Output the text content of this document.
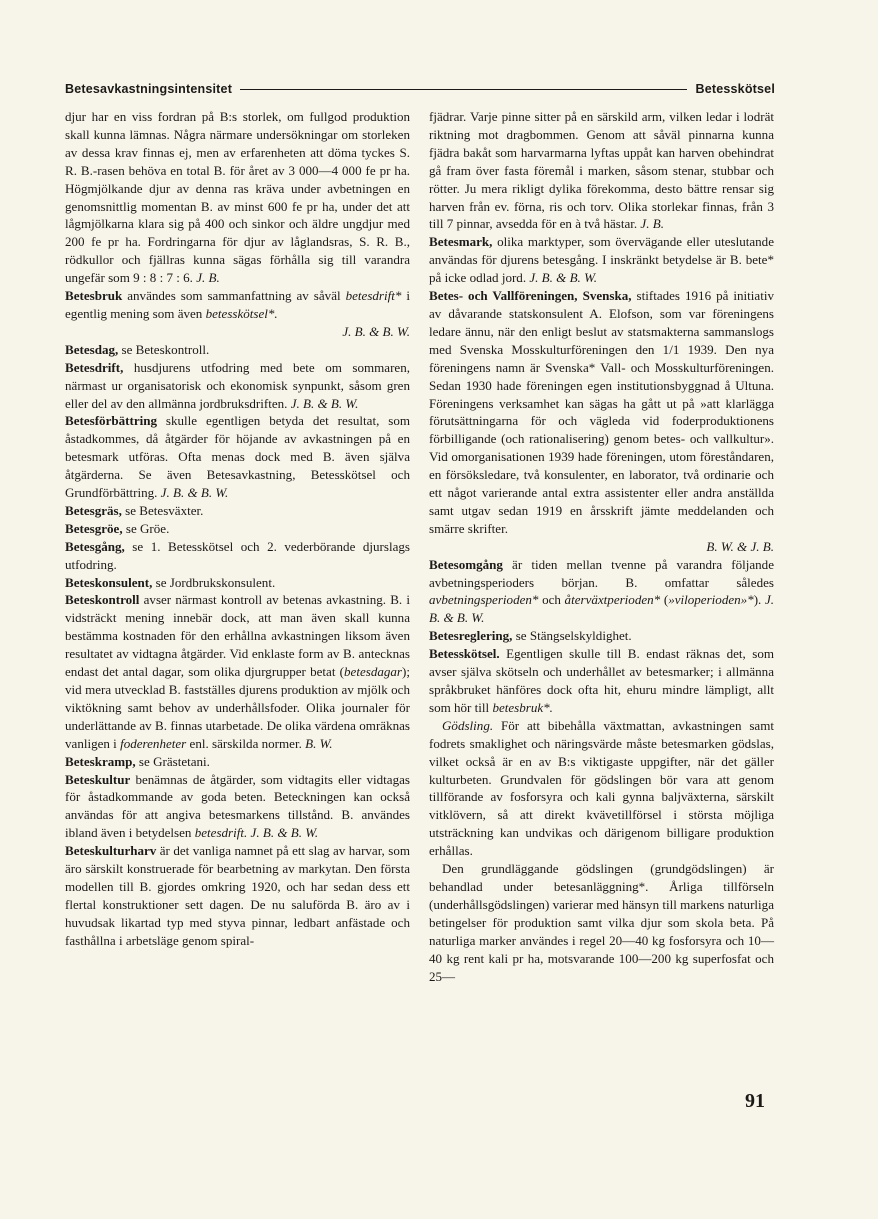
Betesavkastningsintensitet	Betesskötsel

djur har en viss fordran på B:s storlek, om fullgod produktion skall kunna lämnas. Några närmare undersökningar om storleken av dessa krav finnas ej, men av erfarenheten att döma tyckes S. R. B.-rasen behöva en total B. för året av 3 000—4 000 fe pr ha. Högmjölkande djur av denna ras kräva under avbetningen en genomsnittlig momentan B. av minst 600 fe pr ha, under det att lågmjölkarna klara sig på 400 och sinkor och äldre ungdjur med 200 fe pr ha. Fordringarna för djur av låglandsras, S. R. B., rödkullor och fjällras kunna sägas förhålla sig till varandra ungefär som 9 : 8 : 7 : 6. J. B.

Betesbruk användes som sammanfattning av såväl betesdrift* i egentlig mening som även betesskötsel*.

J. B. & B. W.

Betesdag, se Beteskontroll.

Betesdrift, husdjurens utfodring med bete om sommaren, närmast ur organisatorisk och ekonomisk synpunkt, såsom gren eller del av den allmänna jordbruksdriften. J. B. & B. W.

Betesförbättring skulle egentligen betyda det resultat, som åstadkommes, då åtgärder för höjande av avkastningen på en betesmark utföras. Ofta menas dock med B. även själva åtgärderna. Se även Betesavkastning, Betesskötsel och Grundförbättring. J. B. & B. W.

Betesgräs, se Betesväxter.

Betesgröe, se Gröe.

Betesgång, se 1. Betesskötsel och 2. vederbörande djurslags utfodring.

Beteskonsulent, se Jordbrukskonsulent.

Beteskontroll avser närmast kontroll av betenas avkastning. B. i vidsträckt mening innebär dock, att man även skall kunna bestämma kostnaden för den erhållna avkastningen liksom även resultatet av vidtagna åtgärder. Vid enklaste form av B. antecknas endast det antal dagar, som olika djurgrupper betat (betesdagar); vid mera utvecklad B. fastställes djurens produktion av mjölk och viktökning samt behov av underhållsfoder. Olika journaler för underlättande av B. finnas utarbetade. De olika värdena omräknas vanligen i foderenheter enl. särskilda normer. B. W.

Beteskramp, se Grästetani.

Beteskultur benämnas de åtgärder, som vidtagits eller vidtagas för åstadkommande av goda beten. Beteckningen kan också användas för att angiva betesmarkens tillstånd. B. användes ibland även i betydelsen betesdrift. J. B. & B. W.

Beteskulturharv är det vanliga namnet på ett slag av harvar, som äro särskilt konstruerade för bearbetning av markytan. Den första modellen till B. gjordes omkring 1920, och har sedan dess ett flertal konstruktioner sett dagen. De nu saluförda B. äro av i huvudsak likartad typ med styva pinnar, ledbart anfästade och fasthållna i arbetsläge genom spiral-

fjädrar. Varje pinne sitter på en särskild arm, vilken ledar i lodrät riktning mot dragbommen. Genom att såväl pinnarna kunna fjädra bakåt som harvarmarna lyftas uppåt kan harven obehindrat gå fram över fasta föremål i marken, såsom stenar, stubbar och rötter. Ju mera rikligt dylika förekomma, desto bättre rensar sig harven från ev. förna, ris och torv. Olika storlekar finnas, från 3 till 7 pinnar, avsedda för en à två hästar. J. B.

Betesmark, olika marktyper, som övervägande eller uteslutande användas för djurens betesgång. I inskränkt betydelse är B. bete* på icke odlad jord. J. B. & B. W.

Betes- och Vallföreningen, Svenska, stiftades 1916 på initiativ av dåvarande statskonsulent A. Elofson, som var föreningens ledare ännu, när den enligt beslut av statsmakterna sammanslogs med Svenska Mosskulturföreningen den 1/1 1939. Den nya föreningens namn är Svenska* Vall- och Mosskulturföreningen. Sedan 1930 hade föreningen egen institutionsbyggnad å Ultuna. Föreningens verksamhet kan sägas ha gått ut på »att klarlägga förutsättningarna för och vägleda vid foderproduktionens förbilligande (och rationalisering) genom betes- och vallkultur». Vid omorganisationen 1939 hade föreningen, utom föreståndaren, en försöksledare, två konsulenter, en laborator, två ordinarie och ett något varierande antal extra assistenter eller andra anställda samt utgav sedan 1919 en årsskrift jämte meddelanden och smärre skrifter.

B. W. & J. B.

Betesomgång är tiden mellan tvenne på varandra följande avbetningsperioders början. B. omfattar således avbetningsperioden* och återväxtperioden* (»viloperioden»*). J. B. & B. W.

Betesreglering, se Stängselskyldighet.

Betesskötsel. Egentligen skulle till B. endast räknas det, som avser själva skötseln och underhållet av betesmarker; i allmänna språkbruket hänföres dock ofta hit, ehuru mindre lämpligt, allt som hör till betesbruk*.

Gödsling. För att bibehålla växtmattan, avkastningen samt fodrets smaklighet och näringsvärde måste betesmarken gödslas, vilket också är en av B:s viktigaste uppgifter, när det gäller kulturbeten. Grundvalen för gödslingen bör vara att genom tillförande av fosforsyra och kali gynna baljväxterna, särskilt vitklövern, så att direkt kvävetillförsel i största möjliga utsträckning kan undvikas och därigenom billigare produktion erhållas.

Den grundläggande gödslingen (grundgödslingen) är behandlad under betesanläggning*. Årliga tillförseln (underhållsgödslingen) varierar med hänsyn till markens naturliga betingelser för produktion samt vilka djur som skola beta. På naturliga marker användes i regel 20—40 kg fosforsyra och 10—40 kg rent kali pr ha, motsvarande 100—200 kg superfosfat och 25—

91
